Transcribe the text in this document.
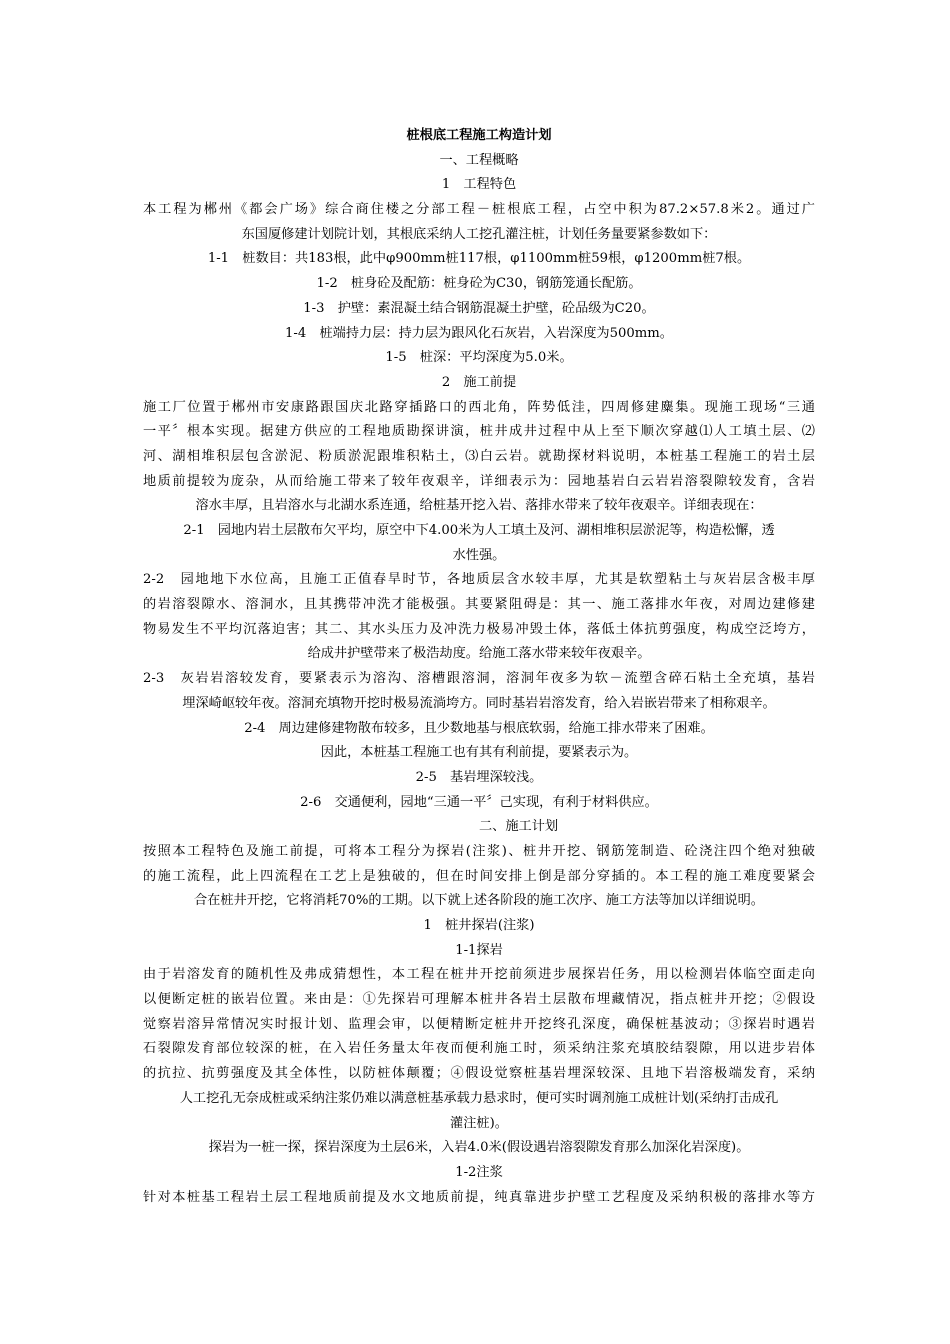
桩根底工程施工构造计划
一、工程概略
1　工程特色
本工程为郴州《都会广场》综合商住楼之分部工程－桩根底工程，占空中积为87.2×57.8米2。通过广
东国厦修建计划院计划，其根底采纳人工挖孔灌注桩，计划任务量要紧参数如下：
1-1　桩数目：共183根，此中φ900mm桩117根，φ1100mm桩59根，φ1200mm桩7根。
1-2　桩身砼及配筋：桩身砼为C30，钢筋笼通长配筋。
1-3　护壁：素混凝土结合钢筋混凝土护壁，砼品级为C20。
1-4　桩端持力层：持力层为跟风化石灰岩，入岩深度为500mm。
1-5　桩深：平均深度为5.0米。
2　施工前提
施工厂位置于郴州市安康路跟国庆北路穿插路口的西北角，阵势低洼，四周修建麋集。现施工现场“三通
一平〞根本实现。据建方供应的工程地质勘探讲演，桩井成井过程中从上至下顺次穿越⑴人工填土层、⑵
河、湖相堆积层包含淤泥、粉质淤泥跟堆积粘土，⑶白云岩。就勘探材料说明，本桩基工程施工的岩土层
地质前提较为庞杂，从而给施工带来了较年夜艰辛，详细表示为：园地基岩白云岩岩溶裂隙较发育，含岩
溶水丰厚，且岩溶水与北湖水系连通，给桩基开挖入岩、落排水带来了较年夜艰辛。详细表现在：
2-1　园地内岩土层散布欠平均，原空中下4.00米为人工填土及河、湖相堆积层淤泥等，构造松懈，透
水性强。
2-2　园地地下水位高，且施工正值春旱时节，各地质层含水较丰厚，尤其是软塑粘土与灰岩层含极丰厚
的岩溶裂隙水、溶洞水，且其携带冲洗才能极强。其要紧阻碍是：其一、施工落排水年夜，对周边建修建
物易发生不平均沉落迫害；其二、其水头压力及冲洗力极易冲毁土体，落低土体抗剪强度，构成空泛垮方，
给成井护壁带来了极浩劫度。给施工落水带来较年夜艰辛。
2-3　灰岩岩溶较发育，要紧表示为溶沟、溶槽跟溶洞，溶洞年夜多为软－流塑含碎石粘土全充填，基岩
埋深崎岖较年夜。溶洞充填物开挖时极易流淌垮方。同时基岩岩溶发育，给入岩嵌岩带来了相称艰辛。
2-4　周边建修建物散布较多，且少数地基与根底软弱，给施工排水带来了困难。
因此，本桩基工程施工也有其有利前提，要紧表示为。
2-5　基岩埋深较浅。
2-6　交通便利，园地“三通一平〞己实现，有利于材料供应。
　　　　　　二、施工计划
按照本工程特色及施工前提，可将本工程分为探岩(注浆)、桩井开挖、钢筋笼制造、砼浇注四个绝对独破
的施工流程，此上四流程在工艺上是独破的，但在时间安排上倒是部分穿插的。本工程的施工难度要紧会
合在桩井开挖，它将消耗70%的工期。以下就上述各阶段的施工次序、施工方法等加以详细说明。
1　桩井探岩(注浆)
1-1探岩
由于岩溶发育的随机性及弗成猜想性，本工程在桩井开挖前须进步展探岩任务，用以检测岩体临空面走向
以便断定桩的嵌岩位置。来由是：①先探岩可理解本桩井各岩土层散布埋藏情况，指点桩井开挖；②假设
觉察岩溶异常情况实时报计划、监理会审，以便精断定桩井开挖终孔深度，确保桩基波动；③探岩时遇岩
石裂隙发育部位较深的桩，在入岩任务量太年夜而便利施工时，须采纳注浆充填胶结裂隙，用以进步岩体
的抗拉、抗剪强度及其全体性，以防桩体颠覆；④假设觉察桩基岩埋深较深、且地下岩溶极端发育，采纳
人工挖孔无奈成桩或采纳注浆仍难以满意桩基承载力悬求时，便可实时调剂施工成桩计划(采纳打击成孔
灌注桩)。
探岩为一桩一探，探岩深度为土层6米，入岩4.0米(假设遇岩溶裂隙发育那么加深化岩深度)。
1-2注浆
针对本桩基工程岩土层工程地质前提及水文地质前提，纯真靠进步护壁工艺程度及采纳积极的落排水等方
